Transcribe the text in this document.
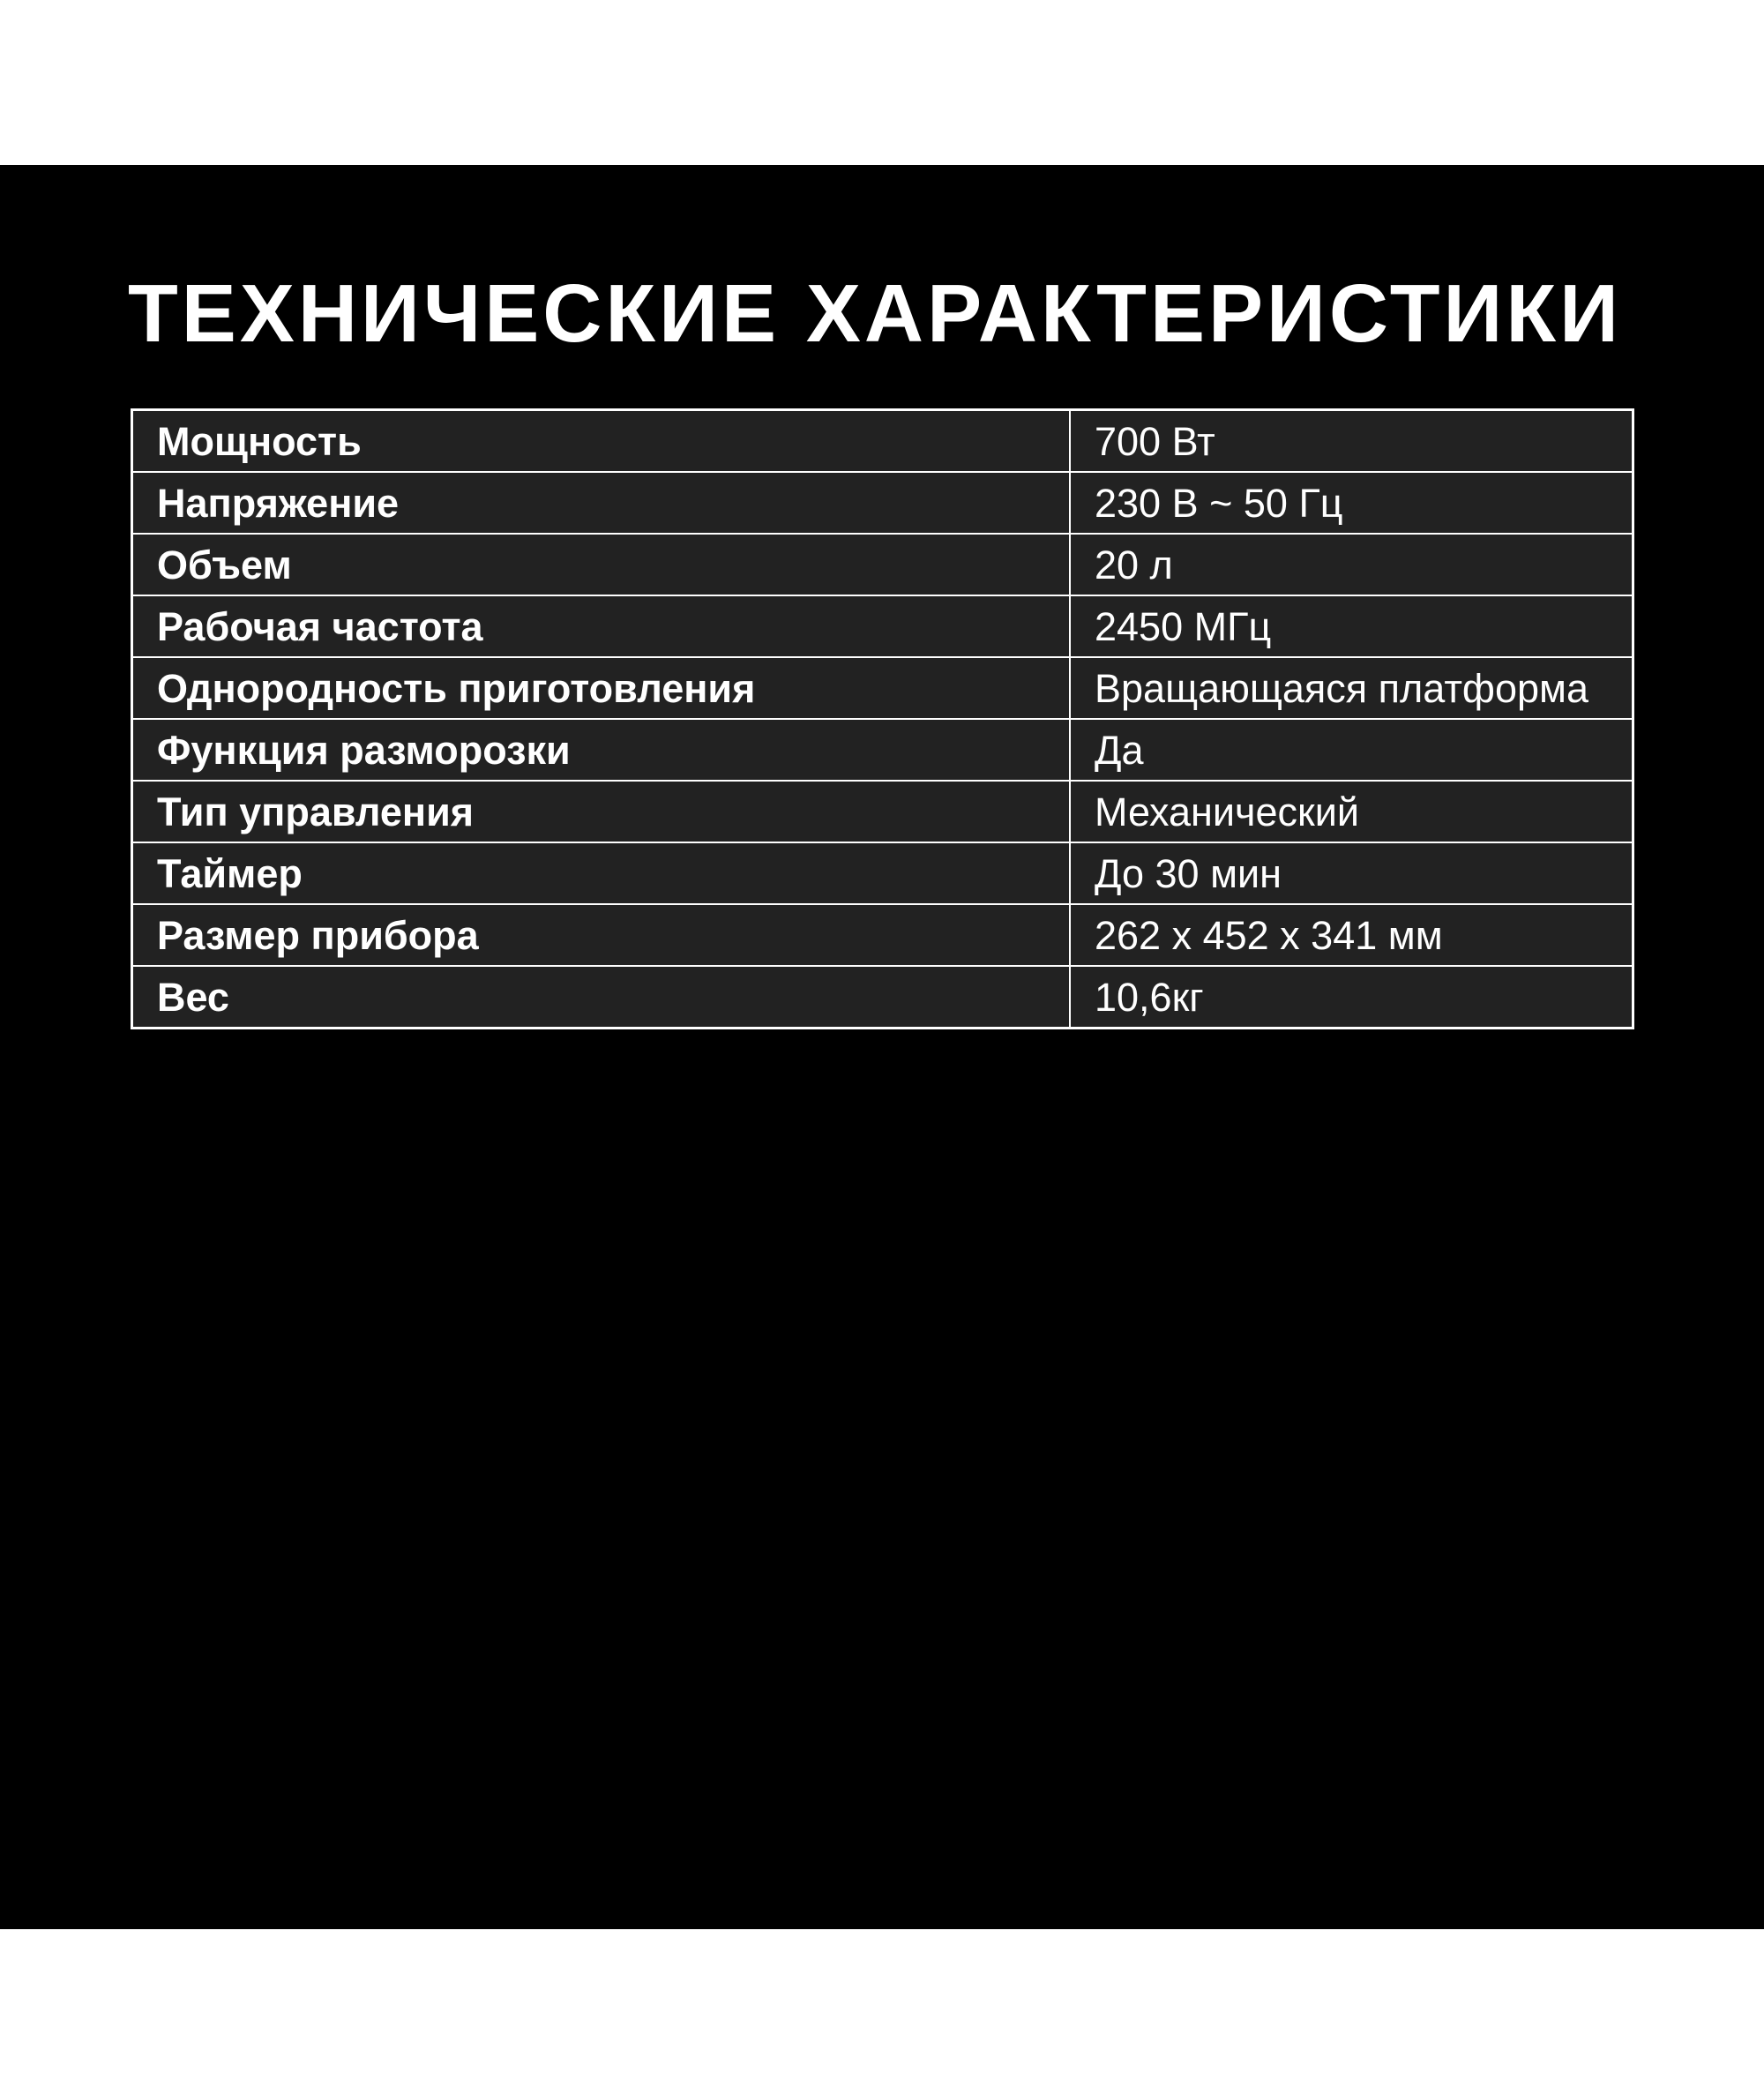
ТЕХНИЧЕСКИЕ ХАРАКТЕРИСТИКИ
Мощность	700 Вт
Напряжение	230 В ~ 50 Гц
Объем	20 л
Рабочая частота	2450 МГц
Однородность приготовления	Вращающаяся платформа
Функция разморозки	Да
Тип управления	Механический
Таймер	До 30 мин
Размер прибора	262 х 452 х 341 мм
Вес	10,6кг
